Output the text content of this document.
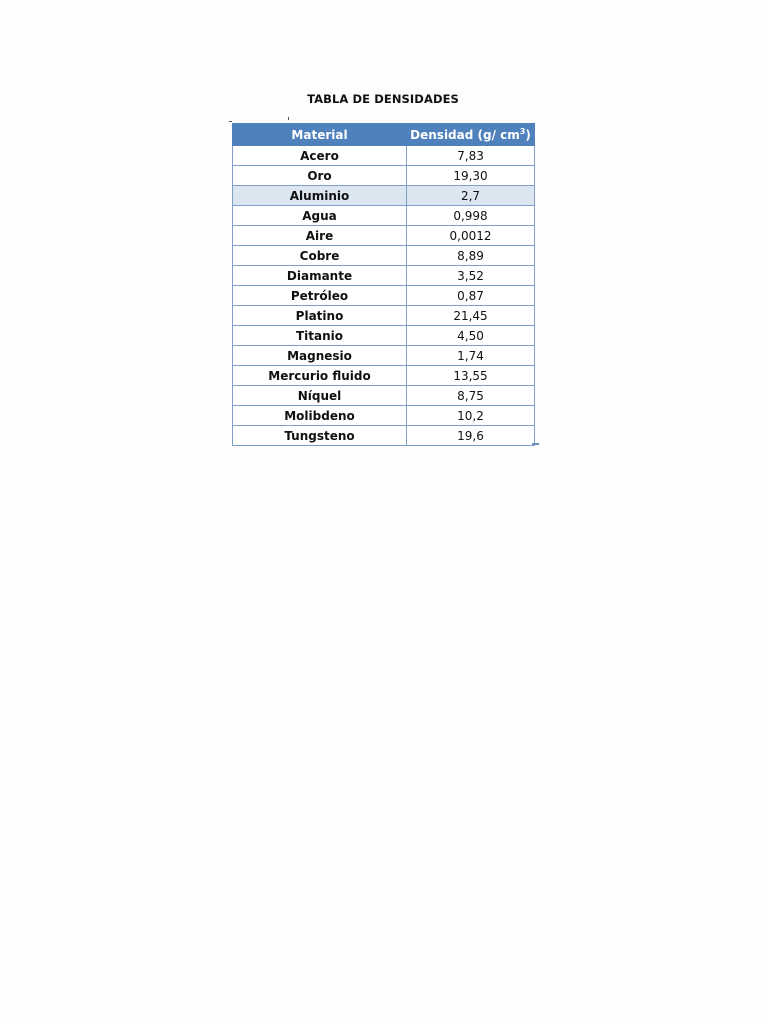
TABLA DE DENSIDADES
Material	Densidad (g/ $cm^3$)
Acero	7,83
Oro	19,30
Aluminio	2,7
Agua	0,998
Aire	0,0012
Cobre	8,89
Diamante	3,52
Petróleo	0,87
Platino	21,45
Titanio	4,50
Magnesio	1,74
Mercurio fluido	13,55
Níquel	8,75
Molibdeno	10,2
Tungsteno	19,6
